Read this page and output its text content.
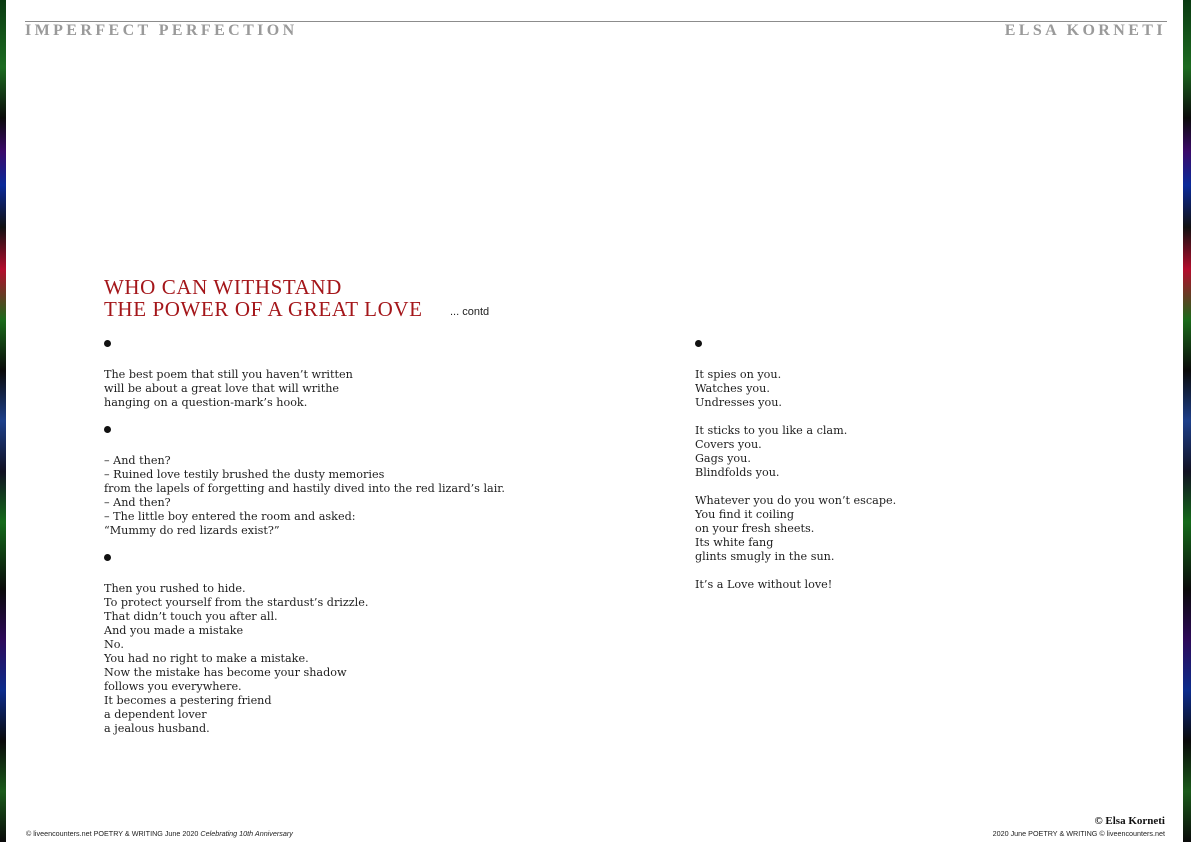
IMPERFECT PERFECTION	ELSA KORNETI
WHO CAN WITHSTAND
THE POWER OF A GREAT LOVE ... contd
The best poem that still you haven’t written
will be about a great love that will writhe
hanging on a question-mark’s hook.
– And then?
– Ruined love testily brushed the dusty memories
from the lapels of forgetting and hastily dived into the red lizard’s lair.
– And then?
– The little boy entered the room and asked:
“Mummy do red lizards exist?”
Then you rushed to hide.
To protect yourself from the stardust’s drizzle.
That didn’t touch you after all.
And you made a mistake
No.
You had no right to make a mistake.
Now the mistake has become your shadow
follows you everywhere.
It becomes a pestering friend
a dependent lover
a jealous husband.
It spies on you.
Watches you.
Undresses you.
It sticks to you like a clam.
Covers you.
Gags you.
Blindfolds you.
Whatever you do you won’t escape.
You find it coiling
on your fresh sheets.
Its white fang
glints smugly in the sun.
It’s a Love without love!
© liveencounters.net POETRY & WRITING June 2020 Celebrating 10th Anniversary
© Elsa Korneti
2020 June POETRY & WRITING © liveencounters.net
